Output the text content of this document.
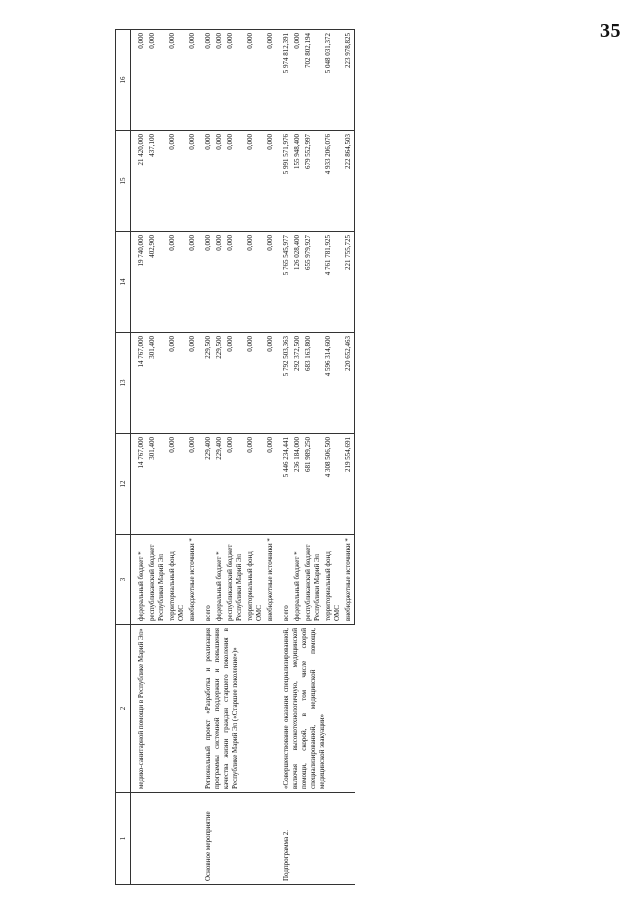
35
1	2	3	12	13	14	15	16
	медико-санитарной помощи в Республике Марий Эл»	федеральный бюджет *	14 767,000	14 767,000	19 740,000	21 420,000	0,000
		республиканский бюджет Республики Марий Эл	301,400	301,400	402,900	437,100	0,000
		территориальный фонд ОМС	0,000	0,000	0,000	0,000	0,000
		внебюджетные источники *	0,000	0,000	0,000	0,000	0,000
Основное мероприятие	Региональный проект «Разработка и реализация программы системной поддержки и повышения качества жизни граждан старшего поколения в Республике Марий Эл («Старшее поколение»)»	всего	229,400	229,500	0,000	0,000	0,000
		федеральный бюджет *	229,400	229,500	0,000	0,000	0,000
		республиканский бюджет Республики Марий Эл	0,000	0,000	0,000	0,000	0,000
		территориальный фонд ОМС	0,000	0,000	0,000	0,000	0,000
		внебюджетные источники *	0,000	0,000	0,000	0,000	0,000
Подпрограмма 2.	«Совершенствование оказания специализированной, включая высокотехнологичную, медицинской помощи, скорой, в том числе скорой специализированной, медицинской помощи, медицинской эвакуации»	всего	5 446 234,441	5 792 503,363	5 765 545,977	5 991 571,976	5 974 812,391
		федеральный бюджет *	236 184,000	292 372,500	126 028,400	155 948,400	0,000
		республиканский бюджет Республики Марий Эл	681 989,250	683 163,800	655 979,927	679 552,997	702 802,194
		территориальный фонд ОМС	4 308 506,500	4 596 314,600	4 761 781,925	4 933 206,076	5 048 031,372
		внебюджетные источники *	219 554,691	220 652,463	221 755,725	222 864,503	223 978,825
